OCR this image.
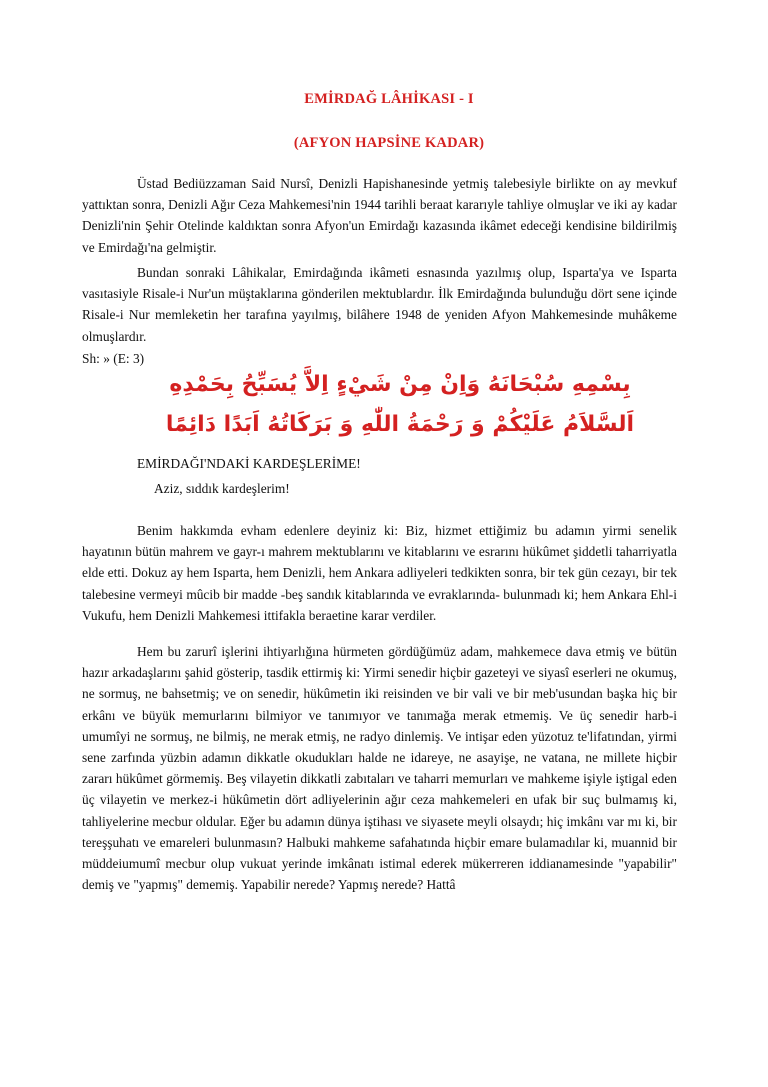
EMİRDAĞ LÂHİKASI - I
(AFYON HAPSİNE KADAR)

Üstad Bediüzzaman Said Nursî, Denizli Hapishanesinde yetmiş talebesiyle birlikte on ay mevkuf yattıktan sonra, Denizli Ağır Ceza Mahkemesi'nin 1944 tarihli beraat kararıyle tahliye olmuşlar ve iki ay kadar Denizli'nin Şehir Otelinde kaldıktan sonra Afyon'un Emirdağı kazasında ikâmet edeceği kendisine bildirilmiş ve Emirdağı'na gelmiştir.

Bundan sonraki Lâhikalar, Emirdağında ikâmeti esnasında yazılmış olup, Isparta'ya ve Isparta vasıtasiyle Risale-i Nur'un müştaklarına gönderilen mektublardır. İlk Emirdağında bulunduğu dört sene içinde Risale-i Nur memleketin her tarafına yayılmış, bilâhere 1948 de yeniden Afyon Mahkemesinde muhâkeme olmuşlardır.

Sh: » (E: 3)
بِسْمِهِ سُبْحَانَهُ وَاِنْ مِنْ شَيْءٍ اِلاَّ يُسَبِّحُ بِحَمْدِهِ
اَلسَّلاَمُ عَلَيْكُمْ وَ رَحْمَةُ اللّٰهِ وَ بَرَكَاتُهُ اَبَدًا دَائِمًا
EMİRDAĞI'NDAKİ KARDEŞLERİME!
Aziz, sıddık kardeşlerim!

Benim hakkımda evham edenlere deyiniz ki: Biz, hizmet ettiğimiz bu adamın yirmi senelik hayatının bütün mahrem ve gayr-ı mahrem mektublarını ve kitablarını ve esrarını hükûmet şiddetli taharriyatla elde etti. Dokuz ay hem Isparta, hem Denizli, hem Ankara adliyeleri tedkikten sonra, bir tek gün cezayı, bir tek talebesine vermeyi mûcib bir madde -beş sandık kitablarında ve evraklarında- bulunmadı ki; hem Ankara Ehl-i Vukufu, hem Denizli Mahkemesi ittifakla beraetine karar verdiler.

Hem bu zarurî işlerini ihtiyarlığına hürmeten gördüğümüz adam, mahkemece dava etmiş ve bütün hazır arkadaşlarını şahid gösterip, tasdik ettirmiş ki: Yirmi senedir hiçbir gazeteyi ve siyasî eserleri ne okumuş, ne sormuş, ne bahsetmiş; ve on senedir, hükûmetin iki reisinden ve bir vali ve bir meb'usundan başka hiç bir erkânı ve büyük memurlarını bilmiyor ve tanımıyor ve tanımağa merak etmemiş. Ve üç senedir harb-i umumîyi ne sormuş, ne bilmiş, ne merak etmiş, ne radyo dinlemiş. Ve intişar eden yüzotuz te'lifatından, yirmi sene zarfında yüzbin adamın dikkatle okudukları halde ne idareye, ne asayişe, ne vatana, ne millete hiçbir zararı hükûmet görmemiş. Beş vilayetin dikkatli zabıtaları ve taharri memurları ve mahkeme işiyle iştigal eden üç vilayetin ve merkez-i hükûmetin dört adliyelerinin ağır ceza mahkemeleri en ufak bir suç bulmamış ki, tahliyelerine mecbur oldular. Eğer bu adamın dünya iştihası ve siyasete meyli olsaydı; hiç imkânı var mı ki, bir tereşşuhatı ve emareleri bulunmasın? Halbuki mahkeme safahatında hiçbir emare bulamadılar ki, muannid bir müddeiumumî mecbur olup vukuat yerinde imkânatı istimal ederek mükerreren iddianamesinde "yapabilir" demiş ve "yapmış" dememiş. Yapabilir nerede? Yapmış nerede? Hattâ
